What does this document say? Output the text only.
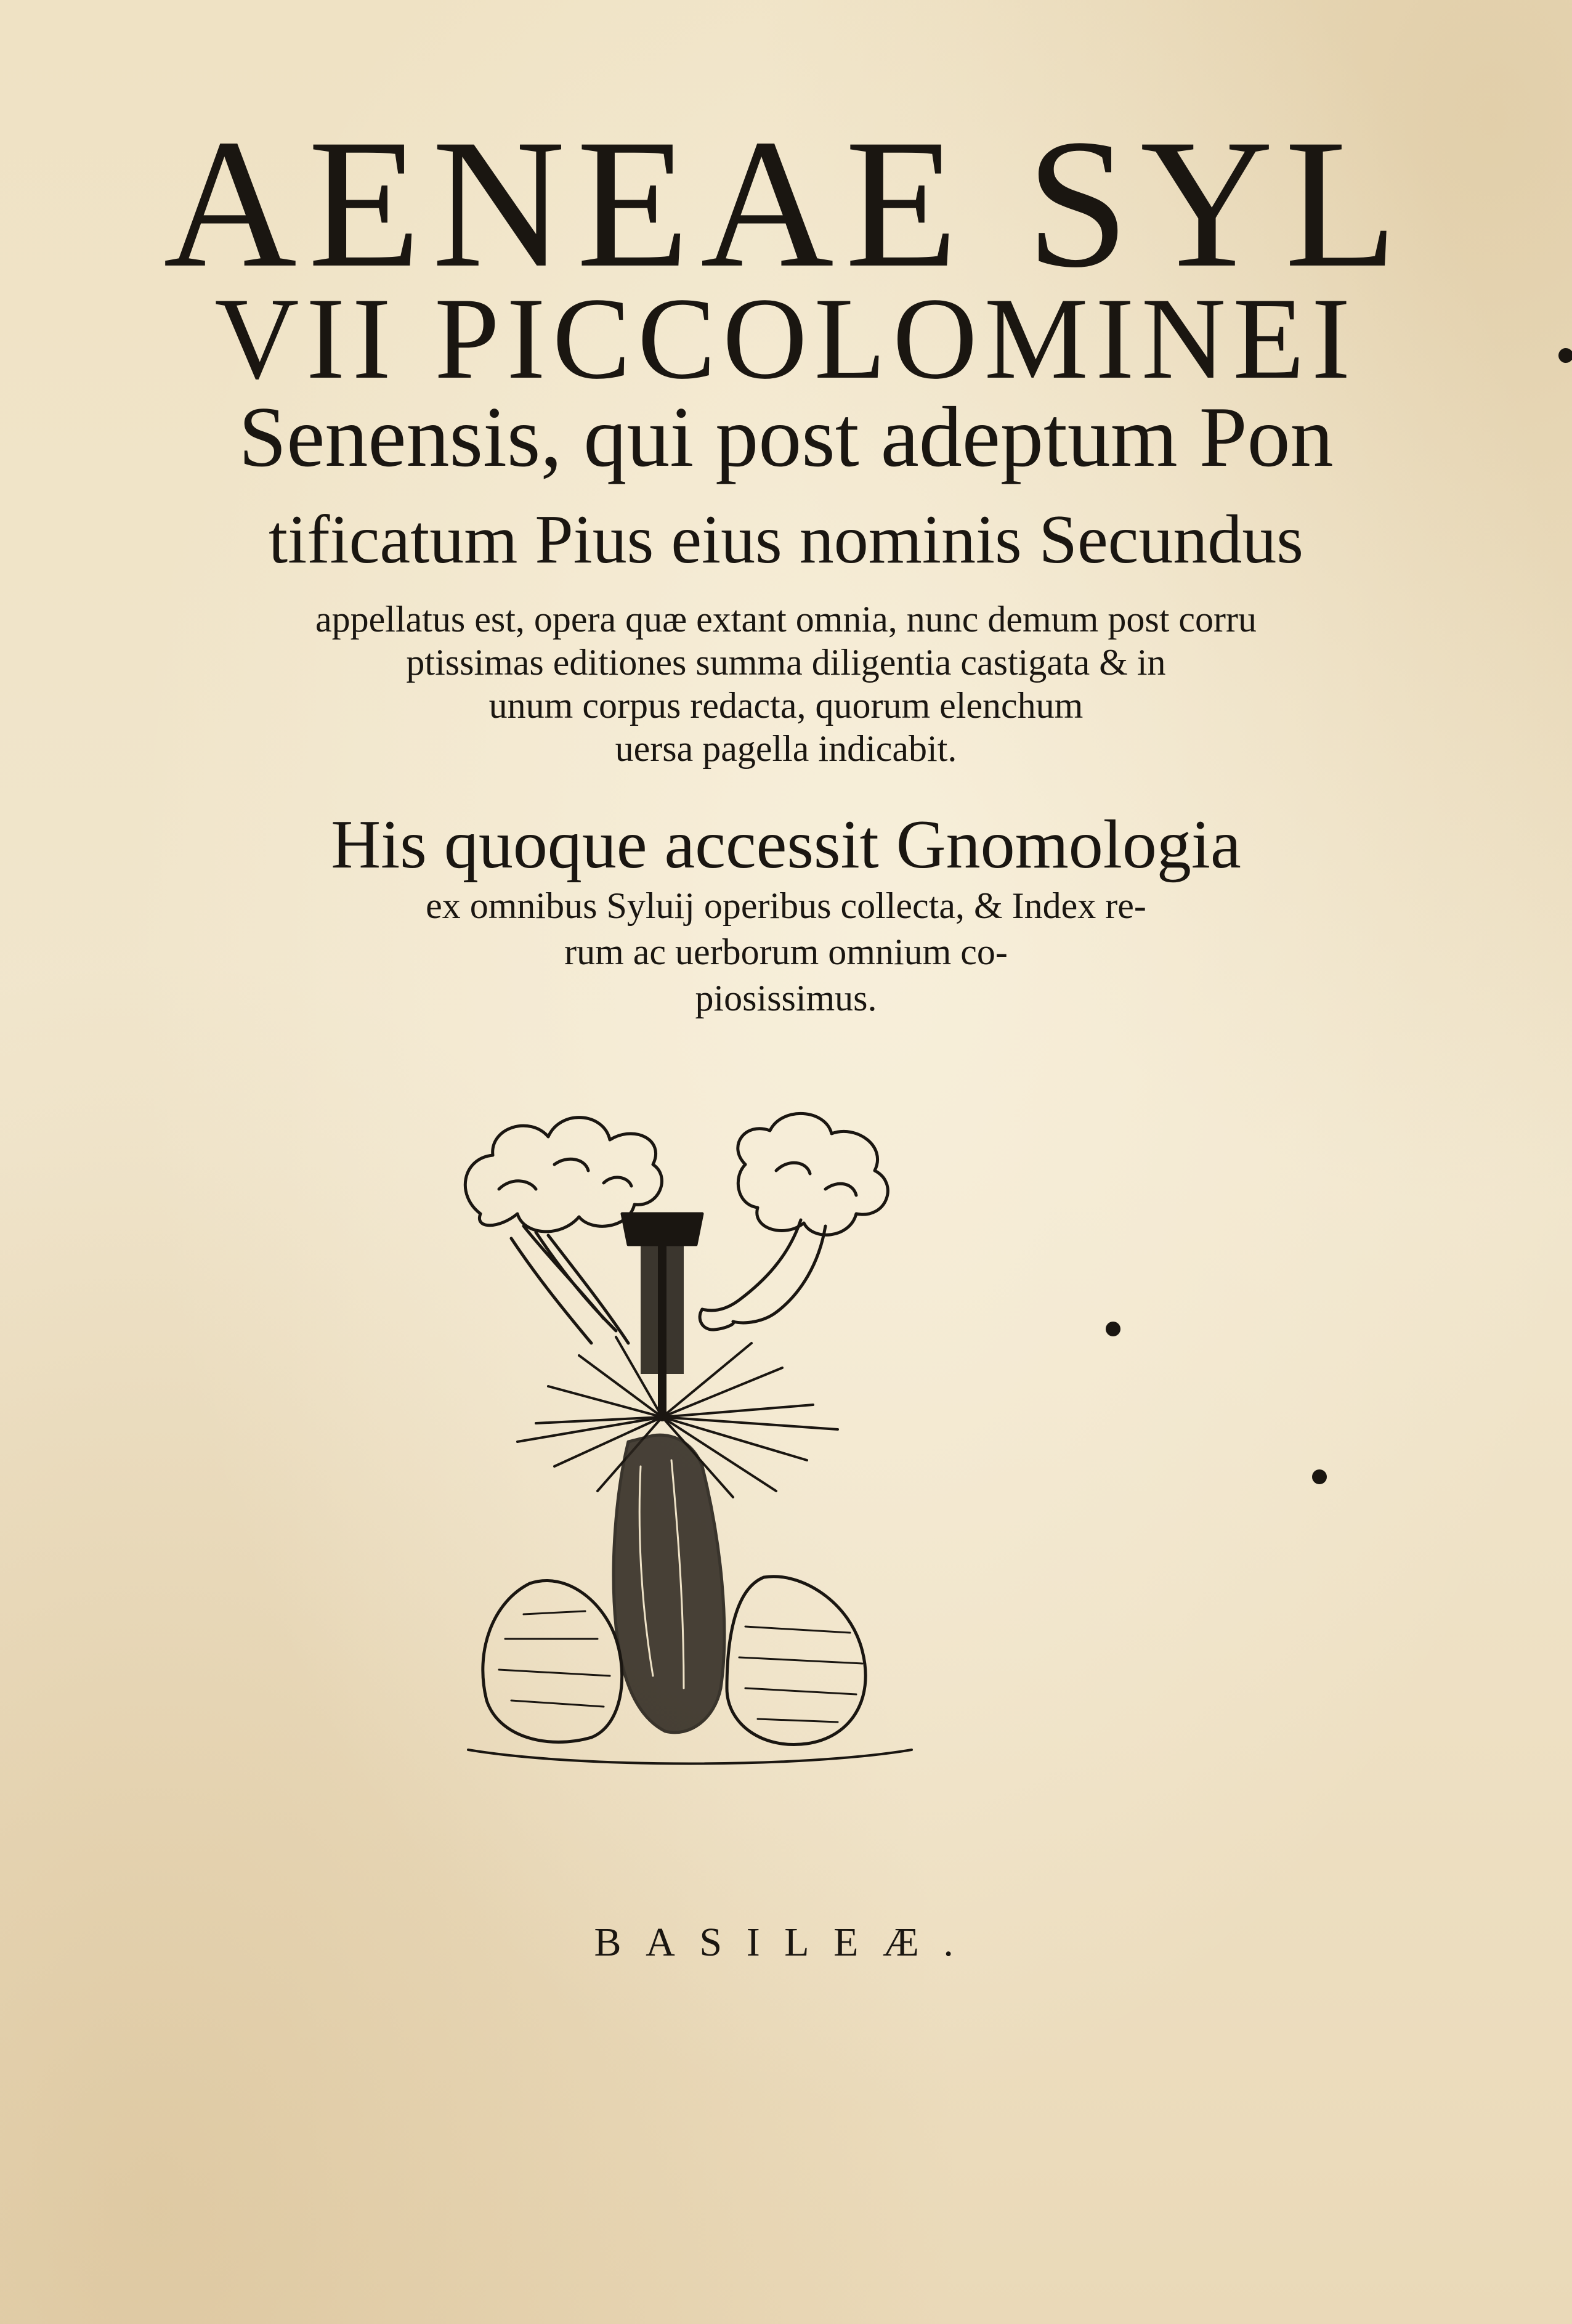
AENEAE SYL
VII PICCOLOMINEI
Senensis, qui post adeptum Pon
tificatum Pius eius nominis Secundus
appellatus est, opera quæ extant omnia, nunc demum post corru
ptissimas editiones summa diligentia castigata & in
unum corpus redacta, quorum elenchum
uersa pagella indicabit.
His quoque accessit Gnomologia
ex omnibus Syluij operibus collecta, & Index re-
rum ac uerborum omnium co-
piosissimus.
BASILEÆ.
